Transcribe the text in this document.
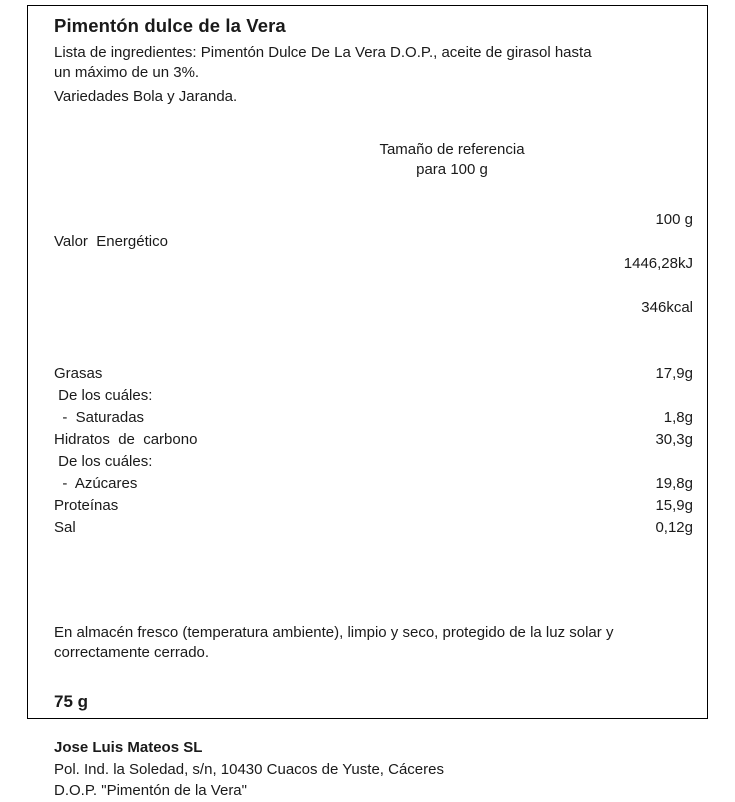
Pimentón dulce de la Vera
Lista de ingredientes: Pimentón Dulce De La Vera D.O.P., aceite de girasol hasta
un máximo de un 3%.
Variedades Bola y Jaranda.
Tamaño de referencia
para 100 g
	100 g
Valor  Energético	1446,28kJ

346kcal

Grasas	17,9g
De los cuáles:	
-  Saturadas	1,8g
Hidratos  de  carbono	30,3g
De los cuáles:	
-  Azúcares	19,8g
Proteínas	15,9g
Sal	0,12g
En almacén fresco (temperatura ambiente), limpio y seco, protegido de la luz solar y correctamente cerrado.
75 g
Jose Luis Mateos SL
Pol. Ind. la Soledad, s/n, 10430 Cuacos de Yuste, Cáceres
D.O.P. "Pimentón de la Vera"
